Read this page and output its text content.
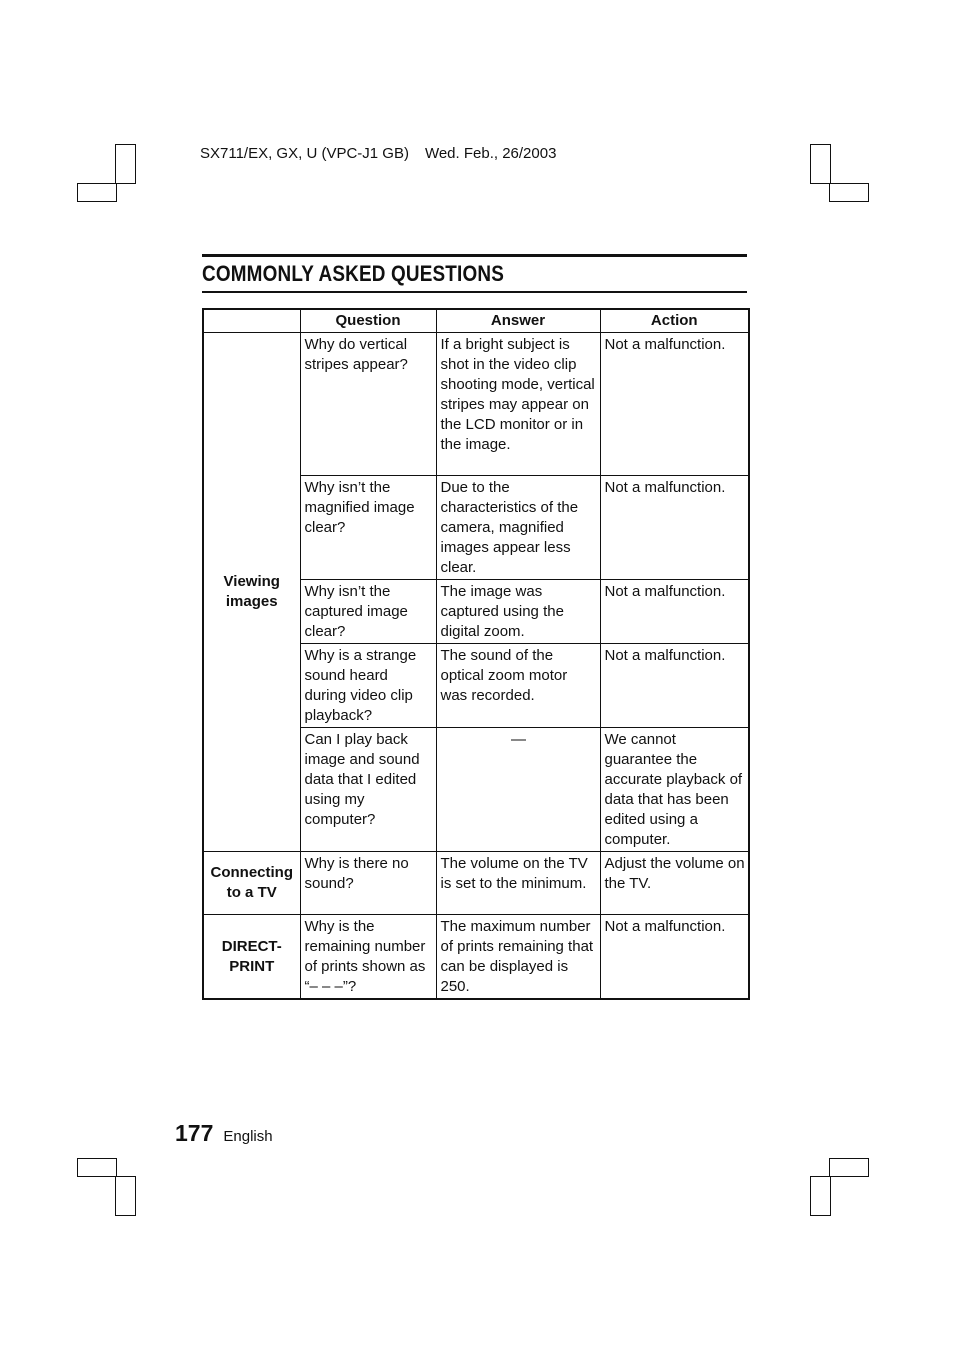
SX711/EX, GX, U (VPC-J1 GB) Wed. Feb., 26/2003
COMMONLY ASKED QUESTIONS
	Question	Answer	Action
Viewing images	Why do vertical stripes appear?	If a bright subject is shot in the video clip shooting mode, vertical stripes may appear on the LCD monitor or in the image.	Not a malfunction.
	Why isn’t the magnified image clear?	Due to the characteristics of the camera, magnified images appear less clear.	Not a malfunction.
	Why isn’t the captured image clear?	The image was captured using the digital zoom.	Not a malfunction.
	Why is a strange sound heard during video clip playback?	The sound of the optical zoom motor was recorded.	Not a malfunction.
	Can I play back image and sound data that I edited using my computer?	—	We cannot guarantee the accurate playback of data that has been edited using a computer.
Connecting to a TV	Why is there no sound?	The volume on the TV is set to the minimum.	Adjust the volume on the TV.
DIRECT-PRINT	Why is the remaining number of prints shown as “– – –”?	The maximum number of prints remaining that can be displayed is 250.	Not a malfunction.
177 English
